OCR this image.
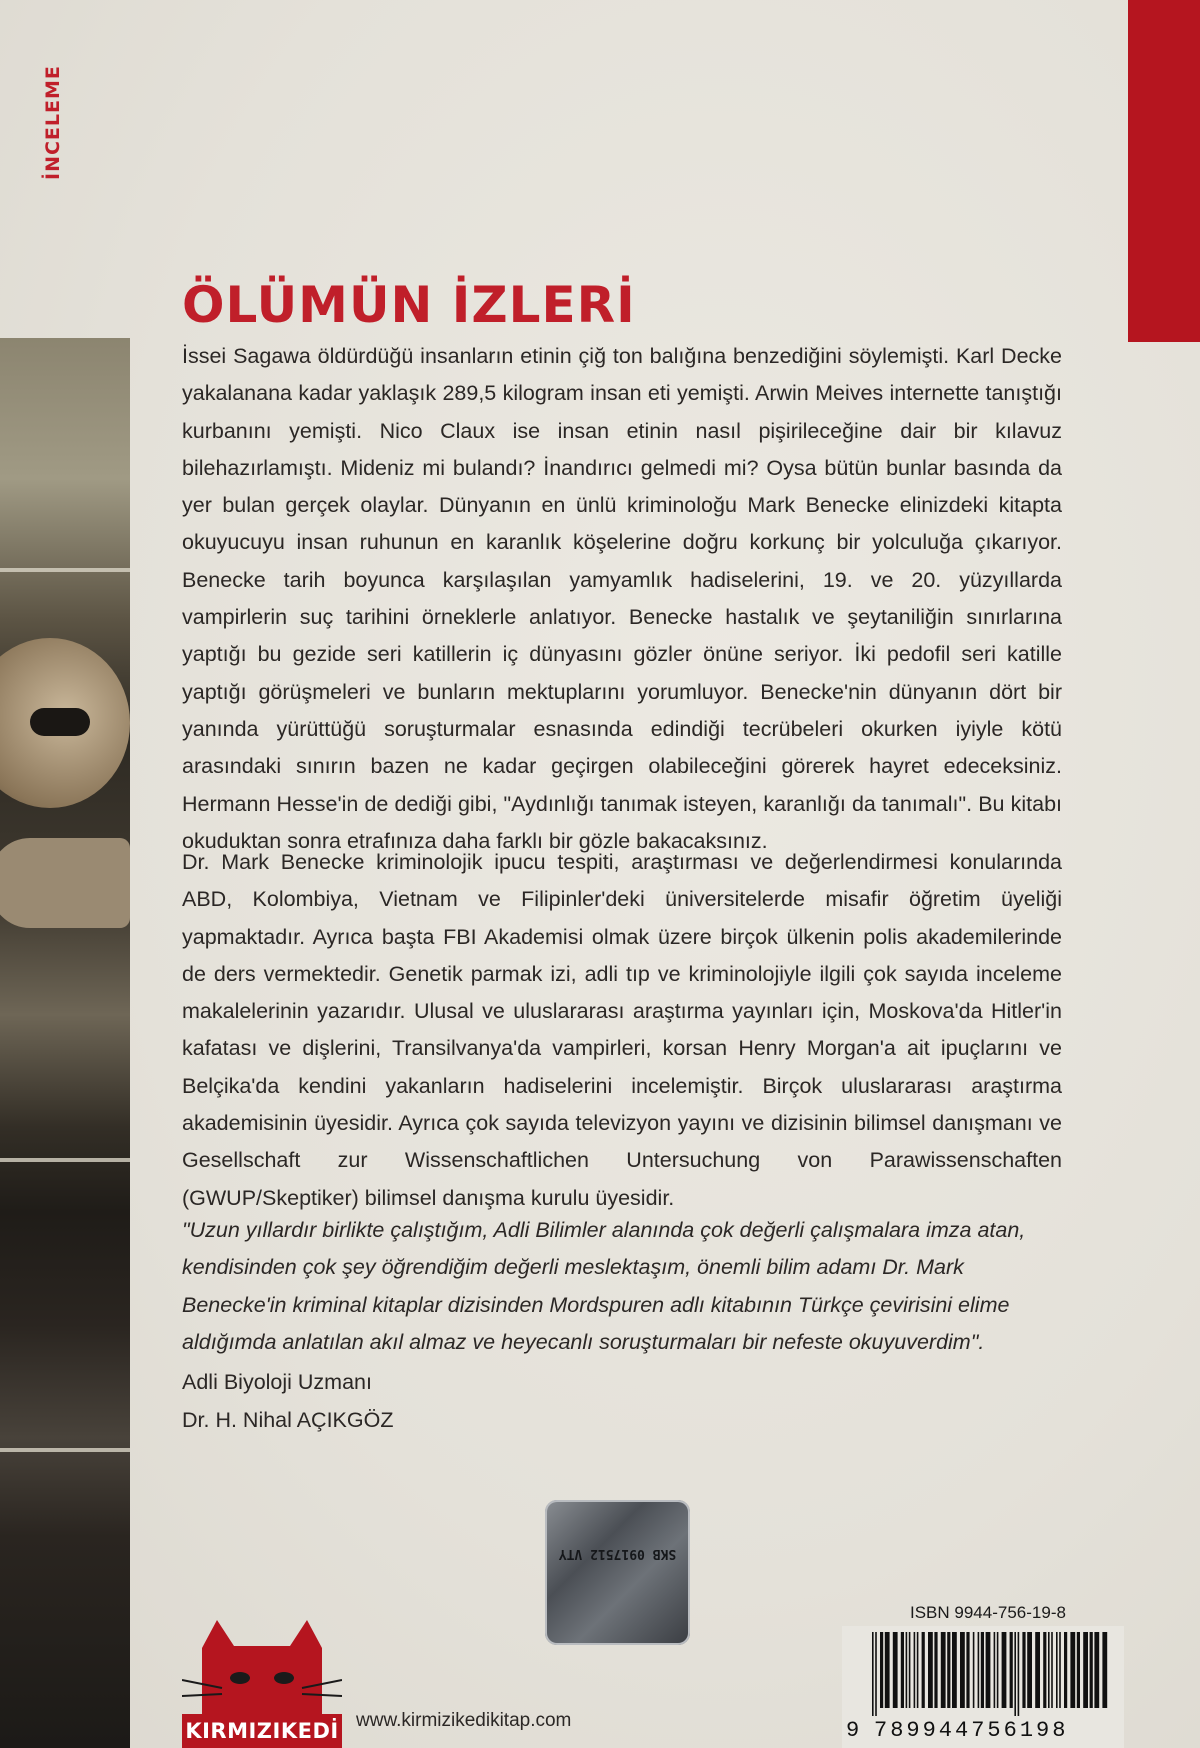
İNCELEME
ÖLÜMÜN İZLERİ

İssei Sagawa öldürdüğü insanların etinin çiğ ton balığına benzediğini söylemişti. Karl Decke yakalanana kadar yaklaşık 289,5 kilogram insan eti yemişti. Arwin Meives internette tanıştığı kurbanını yemişti. Nico Claux ise insan etinin nasıl pişirileceğine dair bir kılavuz bilehazırlamıştı. Mideniz mi bulandı? İnandırıcı gelmedi mi? Oysa bütün bunlar basında da yer bulan gerçek olaylar. Dünyanın en ünlü kriminoloğu Mark Benecke elinizdeki kitapta okuyucuyu insan ruhunun en karanlık köşelerine doğru korkunç bir yolculuğa çıkarıyor. Benecke tarih boyunca karşılaşılan yamyamlık hadiselerini, 19. ve 20. yüzyıllarda vampirlerin suç tarihini örneklerle anlatıyor. Benecke hastalık ve şeytaniliğin sınırlarına yaptığı bu gezide seri katillerin iç dünyasını gözler önüne seriyor. İki pedofil seri katille yaptığı görüşmeleri ve bunların mektuplarını yorumluyor. Benecke'nin dünyanın dört bir yanında yürüttüğü soruşturmalar esnasında edindiği tecrübeleri okurken iyiyle kötü arasındaki sınırın bazen ne kadar geçirgen olabileceğini görerek hayret edeceksiniz. Hermann Hesse'in de dediği gibi, "Aydınlığı tanımak isteyen, karanlığı da tanımalı". Bu kitabı okuduktan sonra etrafınıza daha farklı bir gözle bakacaksınız.

Dr. Mark Benecke kriminolojik ipucu tespiti, araştırması ve değerlendirmesi konularında ABD, Kolombiya, Vietnam ve Filipinler'deki üniversitelerde misafir öğretim üyeliği yapmaktadır. Ayrıca başta FBI Akademisi olmak üzere birçok ülkenin polis akademilerinde de ders vermektedir. Genetik parmak izi, adli tıp ve kriminolojiyle ilgili çok sayıda inceleme makalelerinin yazarıdır. Ulusal ve uluslararası araştırma yayınları için, Moskova'da Hitler'in kafatası ve dişlerini, Transilvanya'da vampirleri, korsan Henry Morgan'a ait ipuçlarını ve Belçika'da kendini yakanların hadiselerini incelemiştir. Birçok uluslararası araştırma akademisinin üyesidir. Ayrıca çok sayıda televizyon yayını ve dizisinin bilimsel danışmanı ve Gesellschaft zur Wissenschaftlichen Untersuchung von Parawissenschaften (GWUP/Skeptiker) bilimsel danışma kurulu üyesidir.

"Uzun yıllardır birlikte çalıştığım, Adli Bilimler alanında çok değerli çalışmalara imza atan, kendisinden çok şey öğrendiğim değerli meslektaşım, önemli bilim adamı Dr. Mark Benecke'in kriminal kitaplar dizisinden Mordspuren adlı kitabının Türkçe çevirisini elime aldığımda anlatılan akıl almaz ve heyecanlı soruşturmaları bir nefeste okuyuverdim".

Adli Biyoloji Uzmanı
Dr. H. Nihal AÇIKGÖZ
SKB 0917512 VTY
KIRMIZIKEDİ www.kirmizikedikitap.com
ISBN 9944-756-19-8
9 789944756198
